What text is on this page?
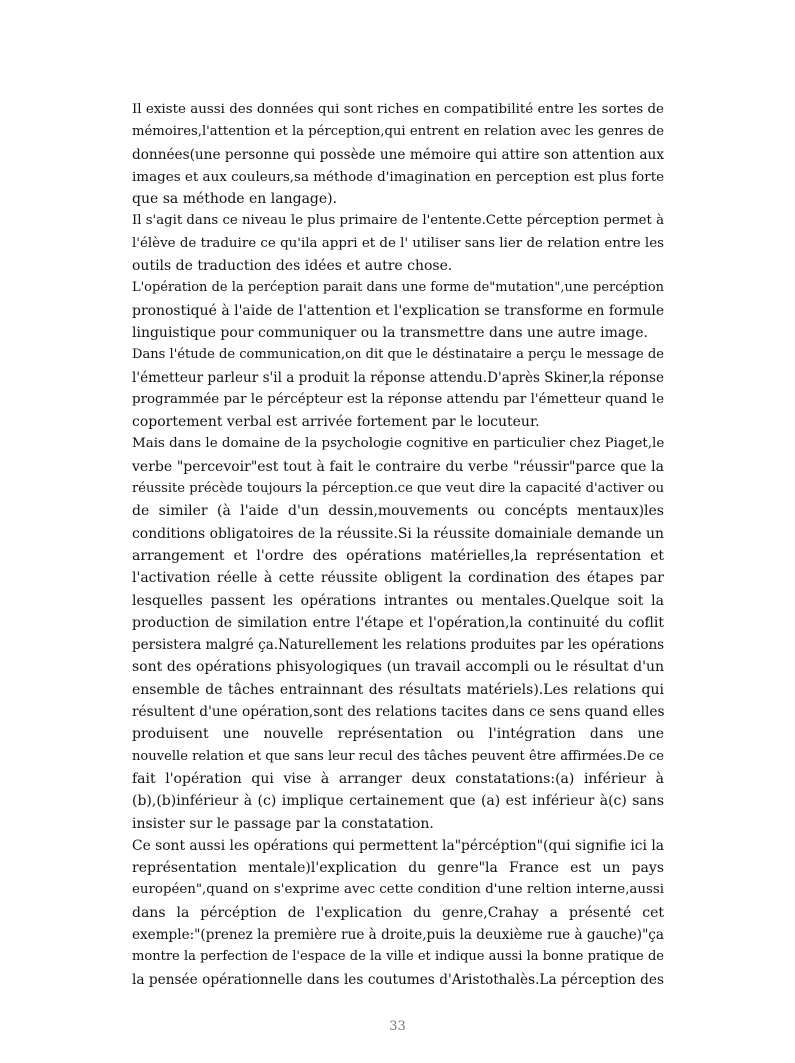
Il existe aussi des données qui sont riches en compatibilité entre les sortes de
mémoires,l'attention et la pérception,qui entrent en relation avec les genres de
données(une personne qui possède une mémoire qui attire son attention aux
images et aux couleurs,sa méthode d'imagination en perception est plus forte
que sa méthode en langage).
Il s'agit dans ce niveau le plus primaire de l'entente.Cette pérception permet à
l'élève de traduire ce qu'ila appri et de l' utiliser sans lier de relation entre les
outils de traduction des idées et autre chose.
L'opération de la perćeption parait dans une forme de"mutation",une percéption
pronostiqué à l'aide de l'attention et l'explication se transforme en formule
linguistique pour communiquer ou la transmettre dans une autre image.
Dans l'étude de communication,on dit que le déstinataire a perçu le message de
l'émetteur parleur s'il a produit la réponse attendu.D'après Skiner,la réponse
programmée par le pércépteur est la réponse attendu par l'émetteur quand le
coportement verbal est arrivée fortement par le locuteur.
Mais dans le domaine de la psychologie cognitive en particulier chez Piaget,le
verbe "percevoir"est tout à fait le contraire du verbe "réussir"parce que la
réussite précède toujours la pérception.ce que veut dire la capacité d'activer ou
de similer (à l'aide d'un dessin,mouvements ou concépts mentaux)les
conditions obligatoires de la réussite.Si la réussite domainiale demande un
arrangement et l'ordre des opérations matérielles,la représentation et
l'activation réelle à cette réussite obligent la cordination des étapes par
lesquelles passent les opérations intrantes ou mentales.Quelque soit la
production de similation entre l'étape et l'opération,la continuité du coflit
persistera malgré ça.Naturellement les relations produites par les opérations
sont des opérations phisyologiques (un travail accompli ou le résultat d'un
ensemble de tâches entrainnant des résultats matériels).Les relations qui
résultent d'une opération,sont des relations tacites dans ce sens quand elles
produisent une nouvelle représentation ou l'intégration dans une
nouvelle relation et que sans leur recul des tâches peuvent être affirmées.De ce
fait l'opération qui vise à arranger deux constatations:(a) inférieur à
(b),(b)inférieur à (c) implique certainement que (a) est inférieur à(c) sans
insister sur le passage par la constatation.
Ce sont aussi les opérations qui permettent la"pércéption"(qui signifie ici la
représentation mentale)l'explication du genre"la France est un pays
européen",quand on s'exprime avec cette condition d'une reltion interne,aussi
dans la pércéption de l'explication du genre,Crahay a présenté cet
exemple:"(prenez la première rue à droite,puis la deuxième rue à gauche)"ça
montre la perfection de l'espace de la ville et indique aussi la bonne pratique de
la pensée opérationnelle dans les coutumes d'Aristothalès.La pérception des
33
